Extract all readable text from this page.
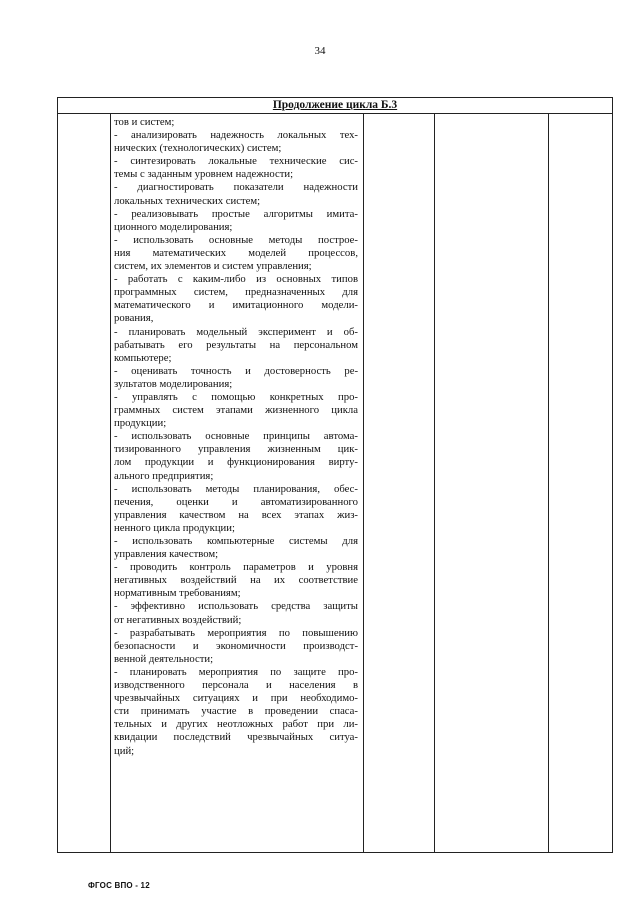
34
Продолжение цикла Б.3
тов и систем;
- анализировать надежность локальных тех-
нических (технологических) систем;
- синтезировать локальные технические сис-
темы с заданным уровнем надежности;
- диагностировать показатели надежности
локальных технических систем;
- реализовывать простые алгоритмы имита-
ционного моделирования;
- использовать основные методы построе-
ния математических моделей процессов,
систем, их элементов и систем управления;
- работать с каким-либо из основных типов
программных систем, предназначенных для
математического и имитационного модели-
рования,
- планировать модельный эксперимент и об-
рабатывать его результаты на персональном
компьютере;
- оценивать точность и достоверность ре-
зультатов моделирования;
- управлять с помощью конкретных про-
граммных систем этапами жизненного цикла
продукции;
- использовать основные принципы автома-
тизированного управления жизненным цик-
лом продукции и функционирования вирту-
ального предприятия;
- использовать методы планирования, обес-
печения, оценки и автоматизированного
управления качеством на всех этапах жиз-
ненного цикла продукции;
- использовать компьютерные системы для
управления качеством;
- проводить контроль параметров и уровня
негативных воздействий на их соответствие
нормативным требованиям;
- эффективно использовать средства защиты
от негативных воздействий;
- разрабатывать мероприятия по повышению
безопасности и экономичности производст-
венной деятельности;
- планировать мероприятия по защите про-
изводственного персонала и населения в
чрезвычайных ситуациях и при необходимо-
сти принимать участие в проведении спаса-
тельных и других неотложных работ при ли-
квидации последствий чрезвычайных ситуа-
ций;
ФГОС ВПО - 12
